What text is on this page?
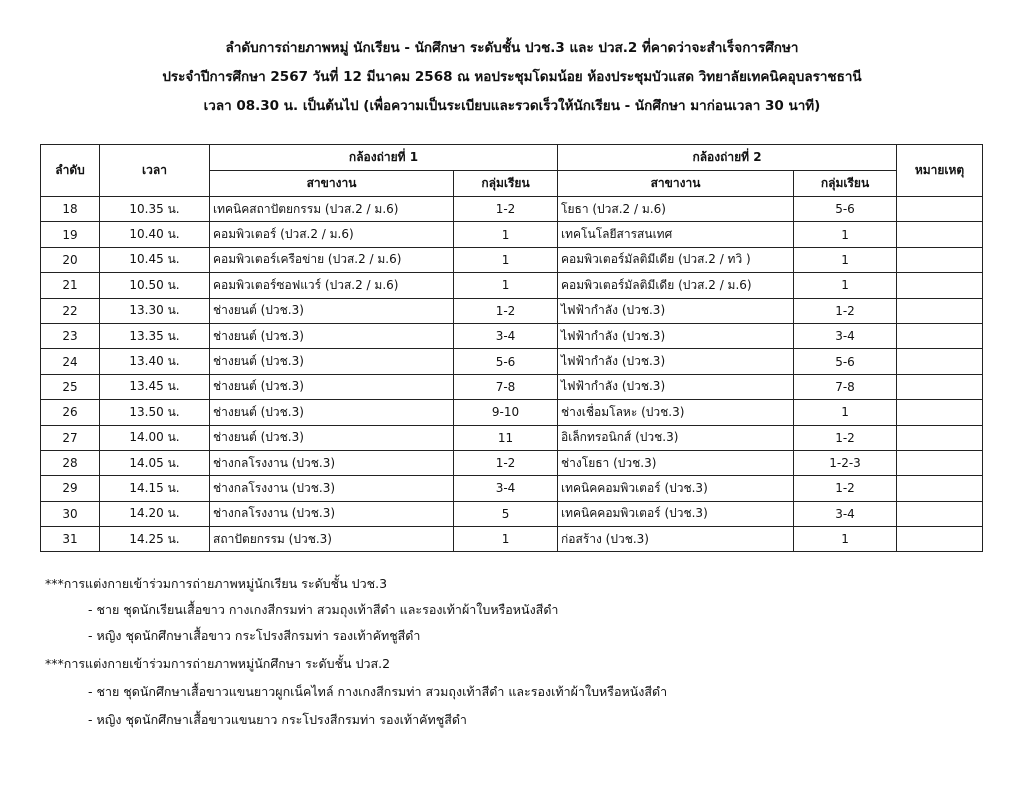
ลำดับการถ่ายภาพหมู่ นักเรียน - นักศึกษา ระดับชั้น ปวช.3 และ ปวส.2 ที่คาดว่าจะสำเร็จการศึกษา
ประจำปีการศึกษา 2567 วันที่ 12 มีนาคม 2568 ณ หอประชุมโดมน้อย ห้องประชุมบัวแสด วิทยาลัยเทคนิคอุบลราชธานี
เวลา 08.30 น. เป็นต้นไป (เพื่อความเป็นระเบียบและรวดเร็วให้นักเรียน - นักศึกษา มาก่อนเวลา 30 นาที)
ลำดับ	เวลา	กล้องถ่ายที่ 1		กล้องถ่ายที่ 2		หมายเหตุ
		สาขางาน	กลุ่มเรียน	สาขางาน	กลุ่มเรียน	
18	10.35 น.	เทคนิคสถาปัตยกรรม (ปวส.2 / ม.6)	1-2	โยธา (ปวส.2 / ม.6)	5-6	
19	10.40 น.	คอมพิวเตอร์ (ปวส.2 / ม.6)	1	เทคโนโลยีสารสนเทศ	1	
20	10.45 น.	คอมพิวเตอร์เครือข่าย (ปวส.2 / ม.6)	1	คอมพิวเตอร์มัลติมีเดีย (ปวส.2 / ทวิ )	1	
21	10.50 น.	คอมพิวเตอร์ซอฟแวร์ (ปวส.2 / ม.6)	1	คอมพิวเตอร์มัลติมีเดีย (ปวส.2 / ม.6)	1	
22	13.30 น.	ช่างยนต์ (ปวช.3)	1-2	ไฟฟ้ากำลัง (ปวช.3)	1-2	
23	13.35 น.	ช่างยนต์ (ปวช.3)	3-4	ไฟฟ้ากำลัง (ปวช.3)	3-4	
24	13.40 น.	ช่างยนต์ (ปวช.3)	5-6	ไฟฟ้ากำลัง (ปวช.3)	5-6	
25	13.45 น.	ช่างยนต์ (ปวช.3)	7-8	ไฟฟ้ากำลัง (ปวช.3)	7-8	
26	13.50 น.	ช่างยนต์ (ปวช.3)	9-10	ช่างเชื่อมโลหะ (ปวช.3)	1	
27	14.00 น.	ช่างยนต์ (ปวช.3)	11	อิเล็กทรอนิกส์ (ปวช.3)	1-2	
28	14.05 น.	ช่างกลโรงงาน (ปวช.3)	1-2	ช่างโยธา (ปวช.3)	1-2-3	
29	14.15 น.	ช่างกลโรงงาน (ปวช.3)	3-4	เทคนิคคอมพิวเตอร์ (ปวช.3)	1-2	
30	14.20 น.	ช่างกลโรงงาน (ปวช.3)	5	เทคนิคคอมพิวเตอร์ (ปวช.3)	3-4	
31	14.25 น.	สถาปัตยกรรม (ปวช.3)	1	ก่อสร้าง (ปวช.3)	1	
***การแต่งกายเข้าร่วมการถ่ายภาพหมู่นักเรียน ระดับชั้น ปวช.3
- ชาย ชุดนักเรียนเสื้อขาว กางเกงสีกรมท่า สวมถุงเท้าสีดำ และรองเท้าผ้าใบหรือหนังสีดำ
- หญิง ชุดนักศึกษาเสื้อขาว กระโปรงสีกรมท่า รองเท้าคัทชูสีดำ
***การแต่งกายเข้าร่วมการถ่ายภาพหมู่นักศึกษา ระดับชั้น ปวส.2
- ชาย ชุดนักศึกษาเสื้อขาวแขนยาวผูกเน็คไทล์ กางเกงสีกรมท่า สวมถุงเท้าสีดำ และรองเท้าผ้าใบหรือหนังสีดำ
- หญิง ชุดนักศึกษาเสื้อขาวแขนยาว กระโปรงสีกรมท่า รองเท้าคัทชูสีดำ
